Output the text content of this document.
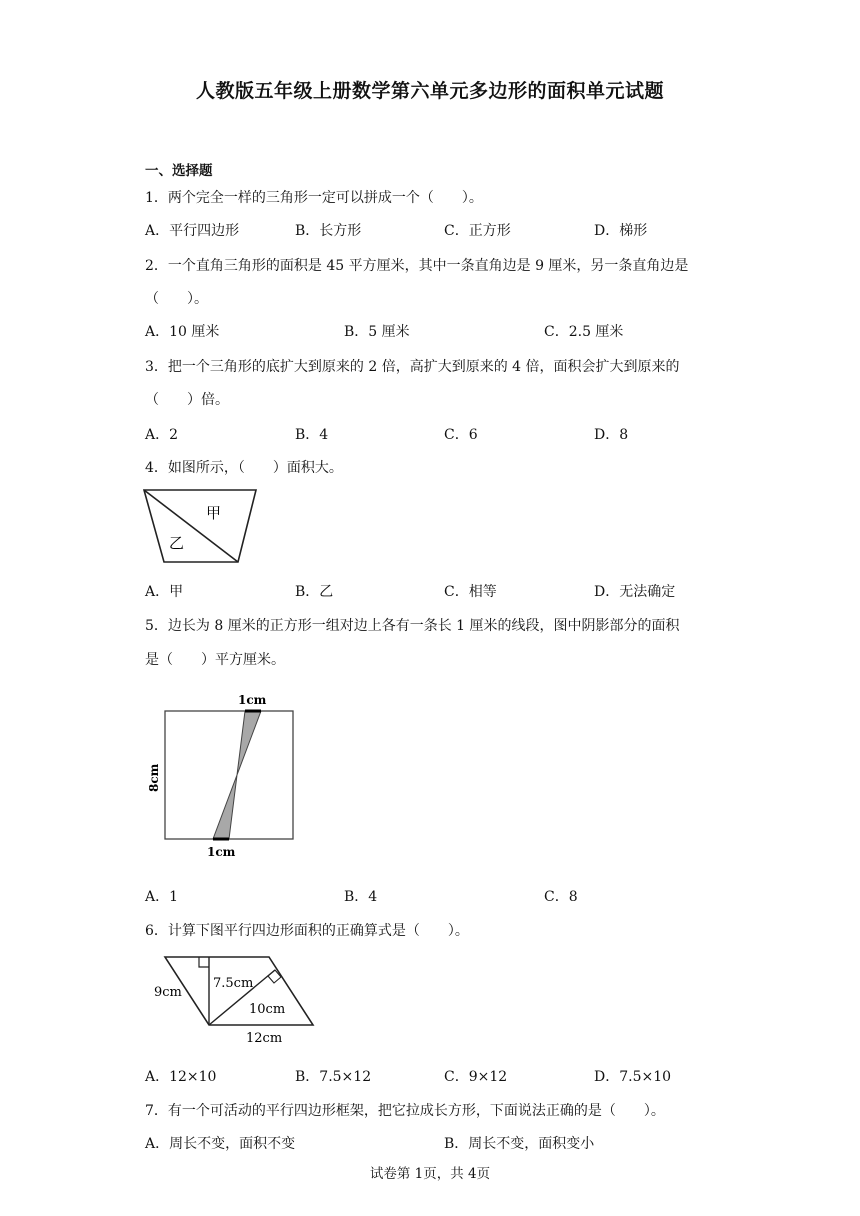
人教版五年级上册数学第六单元多边形的面积单元试题
一、选择题
1．两个完全一样的三角形一定可以拼成一个（　　）。
A．平行四边形	B．长方形	C．正方形	D．梯形
2．一个直角三角形的面积是 45 平方厘米，其中一条直角边是 9 厘米，另一条直角边是
（　　）。
A．10 厘米	B．5 厘米	C．2.5 厘米
3．把一个三角形的底扩大到原来的 2 倍，高扩大到原来的 4 倍，面积会扩大到原来的
（　　）倍。
A．2	B．4	C．6	D．8
4．如图所示，（　　）面积大。
甲
乙
A．甲	B．乙	C．相等	D．无法确定
5．边长为 8 厘米的正方形一组对边上各有一条长 1 厘米的线段，图中阴影部分的面积
是（　　）平方厘米。
1cm
1cm
8cm
A．1	B．4	C．8
6．计算下图平行四边形面积的正确算式是（　　）。
9cm
7.5cm
10cm
12cm
A．12×10	B．7.5×12	C．9×12	D．7.5×10
7．有一个可活动的平行四边形框架，把它拉成长方形，下面说法正确的是（　　）。
A．周长不变，面积不变	B．周长不变，面积变小
试卷第 1页，共 4页
